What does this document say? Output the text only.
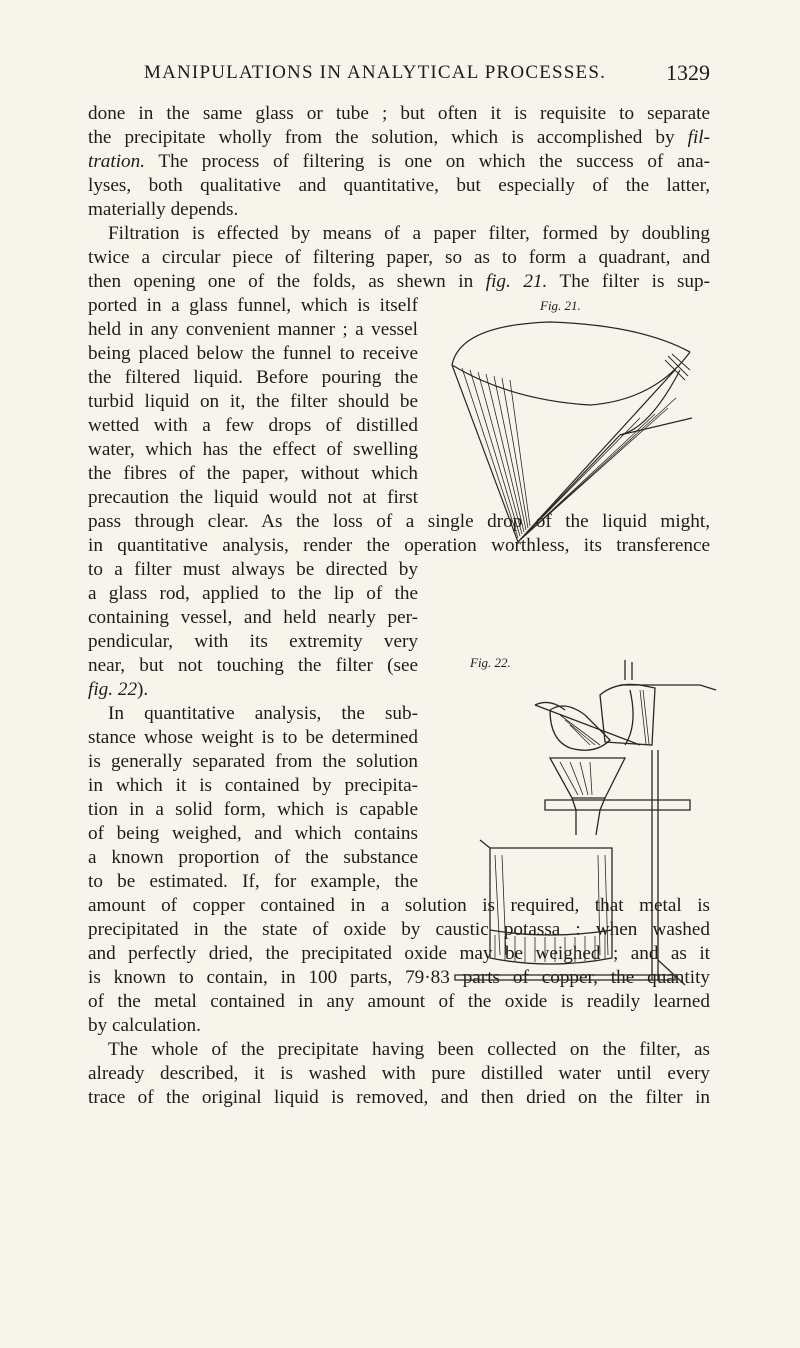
MANIPULATIONS IN ANALYTICAL PROCESSES.	1329
done in the same glass or tube ; but often it is requisite to separate
the precipitate wholly from the solution, which is accomplished by fil-
tration. The process of filtering is one on which the success of ana-
lyses, both qualitative and quantitative, but especially of the latter,
materially depends.
Filtration is effected by means of a paper filter, formed by doubling
twice a circular piece of filtering paper, so as to form a quadrant, and
then opening one of the folds, as shewn in fig. 21. The filter is sup-
ported in a glass funnel, which is itself
held in any convenient manner ; a vessel
being placed below the funnel to receive
the filtered liquid. Before pouring the
turbid liquid on it, the filter should be
wetted with a few drops of distilled
water, which has the effect of swelling
the fibres of the paper, without which
precaution the liquid would not at first
pass through clear. As the loss of a single drop of the liquid might,
in quantitative analysis, render the operation worthless, its transference
to a filter must always be directed by
a glass rod, applied to the lip of the
containing vessel, and held nearly per-
pendicular, with its extremity very
near, but not touching the filter (see
fig. 22).
In quantitative analysis, the sub-
stance whose weight is to be determined
is generally separated from the solution
in which it is contained by precipita-
tion in a solid form, which is capable
of being weighed, and which contains
a known proportion of the substance
to be estimated. If, for example, the
amount of copper contained in a solution is required, that metal is
precipitated in the state of oxide by caustic potassa : when washed
and perfectly dried, the precipitated oxide may be weighed ; and as it
is known to contain, in 100 parts, 79·83 parts of copper, the quantity
of the metal contained in any amount of the oxide is readily learned
by calculation.
The whole of the precipitate having been collected on the filter, as
already described, it is washed with pure distilled water until every
trace of the original liquid is removed, and then dried on the filter in
Fig. 21.
Fig. 22.
